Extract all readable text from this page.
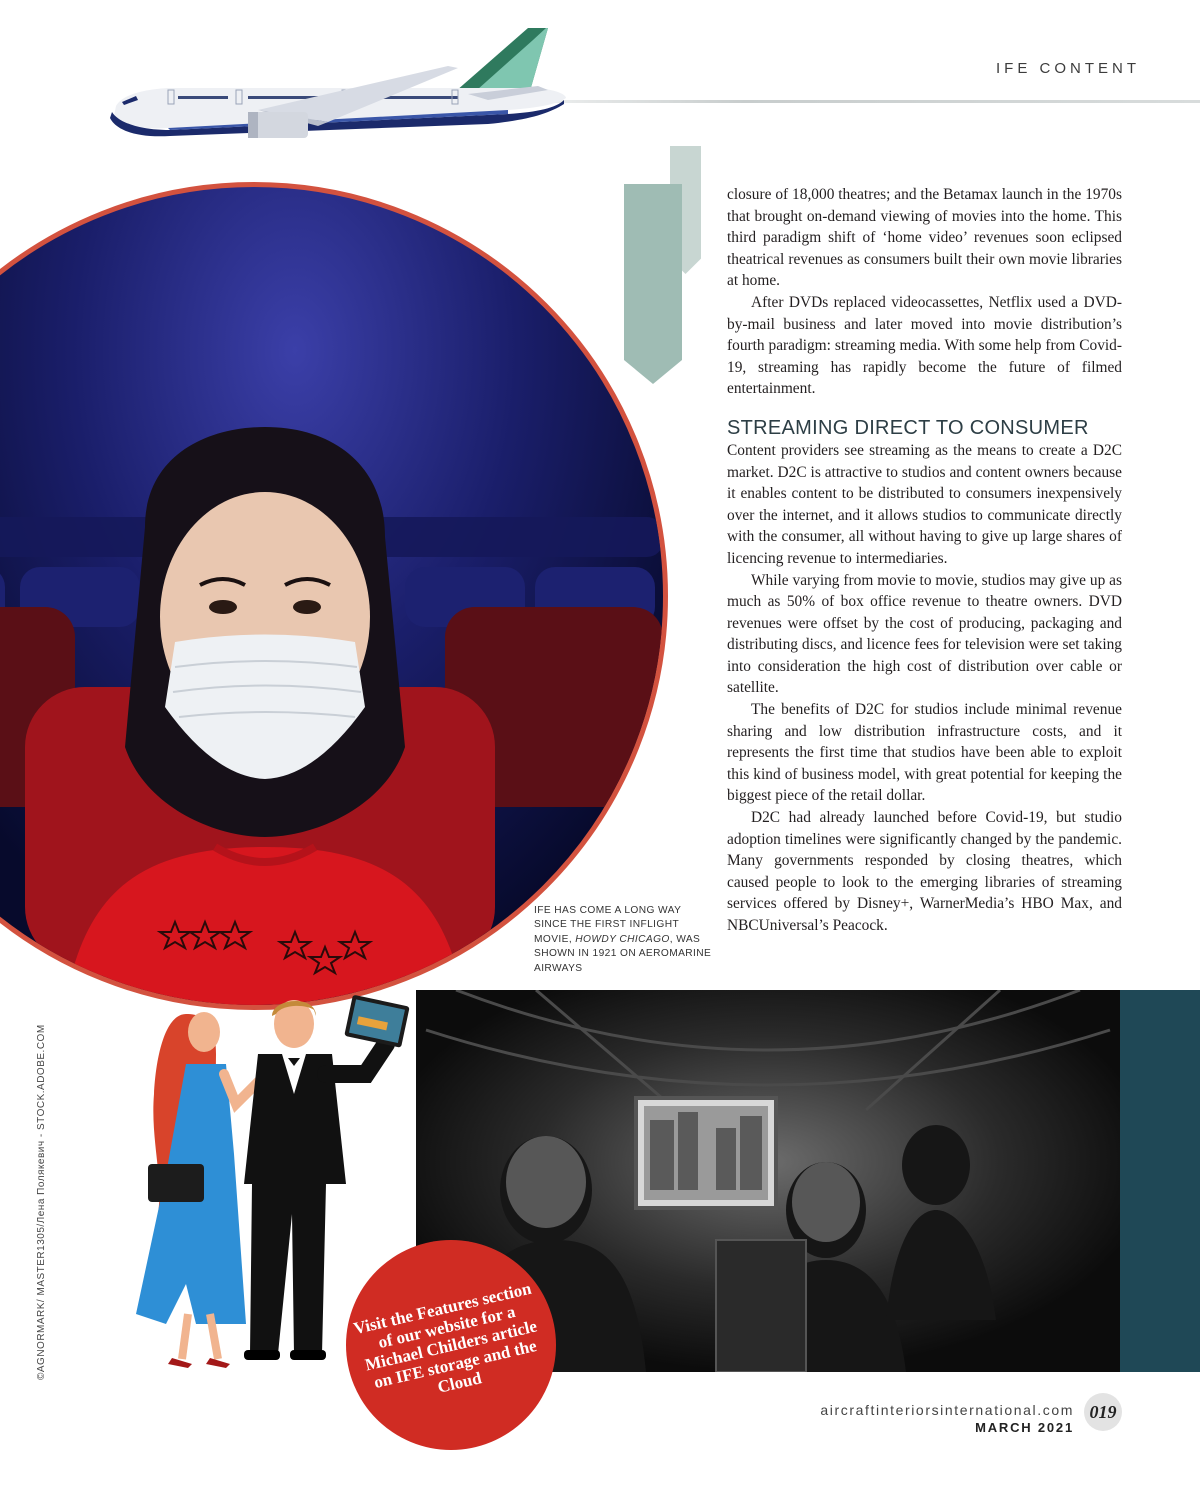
IFE CONTENT

closure of 18,000 theatres; and the Betamax launch in the 1970s that brought on-demand viewing of movies into the home. This third paradigm shift of ‘home video’ revenues soon eclipsed theatrical revenues as consumers built their own movie libraries at home.

After DVDs replaced videocassettes, Netflix used a DVD-by-mail business and later moved into movie distribution’s fourth paradigm: streaming media. With some help from Covid-19, streaming has rapidly become the future of filmed entertainment.

STREAMING DIRECT TO CONSUMER

Content providers see streaming as the means to create a D2C market. D2C is attractive to studios and content owners because it enables content to be distributed to consumers inexpensively over the internet, and it allows studios to communicate directly with the consumer, all without having to give up large shares of licencing revenue to intermediaries.

While varying from movie to movie, studios may give up as much as 50% of box office revenue to theatre owners. DVD revenues were offset by the cost of producing, packaging and distributing discs, and licence fees for television were set taking into consideration the high cost of distribution over cable or satellite.

The benefits of D2C for studios include minimal revenue sharing and low distribution infrastructure costs, and it represents the first time that studios have been able to exploit this kind of business model, with great potential for keeping the biggest piece of the retail dollar.

D2C had already launched before Covid-19, but studio adoption timelines were significantly changed by the pandemic. Many governments responded by closing theatres, which caused people to look to the emerging libraries of streaming services offered by Disney+, WarnerMedia’s HBO Max, and NBCUniversal’s Peacock.

IFE HAS COME A LONG WAY SINCE THE FIRST INFLIGHT MOVIE, HOWDY CHICAGO, WAS SHOWN IN 1921 ON AEROMARINE AIRWAYS
©AGNORMARK/ MASTER1305/Лена Полякевич - STOCK.ADOBE.COM	Visit the Features section of our website for a Michael Childers article on IFE storage and the Cloud
aircraftinteriorsinternational.com
MARCH 2021
019
